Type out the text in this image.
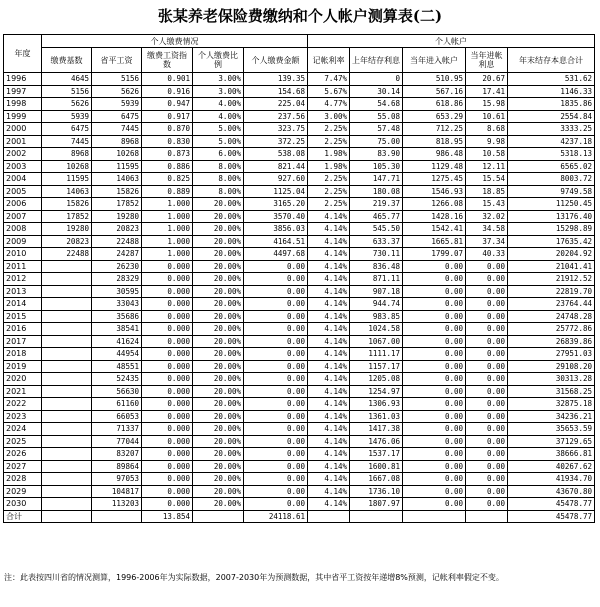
张某养老保险费缴纳和个人帐户测算表(二)
年度	个人缴费情况					个人帐户				
	缴费基数	省平工资	缴费工资指数	个人缴费比例	个人缴费金额	记帐利率	上年结存利息	当年进入帐户	当年进帐利息	年末结存本息合计
1996	4645	5156	0.901	3.00%	139.35	7.47%	0	510.95	20.67	531.62
1997	5156	5626	0.916	3.00%	154.68	5.67%	30.14	567.16	17.41	1146.33
1998	5626	5939	0.947	4.00%	225.04	4.77%	54.68	618.86	15.98	1835.86
1999	5939	6475	0.917	4.00%	237.56	3.00%	55.08	653.29	10.61	2554.84
2000	6475	7445	0.870	5.00%	323.75	2.25%	57.48	712.25	8.68	3333.25
2001	7445	8968	0.830	5.00%	372.25	2.25%	75.00	818.95	9.98	4237.18
2002	8968	10268	0.873	6.00%	538.08	1.98%	83.90	986.48	10.58	5318.13
2003	10268	11595	0.886	8.00%	821.44	1.98%	105.30	1129.48	12.11	6565.02
2004	11595	14063	0.825	8.00%	927.60	2.25%	147.71	1275.45	15.54	8003.72
2005	14063	15826	0.889	8.00%	1125.04	2.25%	180.08	1546.93	18.85	9749.58
2006	15826	17852	1.000	20.00%	3165.20	2.25%	219.37	1266.08	15.43	11250.45
2007	17852	19280	1.000	20.00%	3570.40	4.14%	465.77	1428.16	32.02	13176.40
2008	19280	20823	1.000	20.00%	3856.03	4.14%	545.50	1542.41	34.58	15298.89
2009	20823	22488	1.000	20.00%	4164.51	4.14%	633.37	1665.81	37.34	17635.42
2010	22488	24287	1.000	20.00%	4497.68	4.14%	730.11	1799.07	40.33	20204.92
2011		26230	0.000	20.00%	0.00	4.14%	836.48	0.00	0.00	21041.41
2012		28329	0.000	20.00%	0.00	4.14%	871.11	0.00	0.00	21912.52
2013		30595	0.000	20.00%	0.00	4.14%	907.18	0.00	0.00	22819.70
2014		33043	0.000	20.00%	0.00	4.14%	944.74	0.00	0.00	23764.44
2015		35686	0.000	20.00%	0.00	4.14%	983.85	0.00	0.00	24748.28
2016		38541	0.000	20.00%	0.00	4.14%	1024.58	0.00	0.00	25772.86
2017		41624	0.000	20.00%	0.00	4.14%	1067.00	0.00	0.00	26839.86
2018		44954	0.000	20.00%	0.00	4.14%	1111.17	0.00	0.00	27951.03
2019		48551	0.000	20.00%	0.00	4.14%	1157.17	0.00	0.00	29108.20
2020		52435	0.000	20.00%	0.00	4.14%	1205.08	0.00	0.00	30313.28
2021		56630	0.000	20.00%	0.00	4.14%	1254.97	0.00	0.00	31568.25
2022		61160	0.000	20.00%	0.00	4.14%	1306.93	0.00	0.00	32875.18
2023		66053	0.000	20.00%	0.00	4.14%	1361.03	0.00	0.00	34236.21
2024		71337	0.000	20.00%	0.00	4.14%	1417.38	0.00	0.00	35653.59
2025		77044	0.000	20.00%	0.00	4.14%	1476.06	0.00	0.00	37129.65
2026		83207	0.000	20.00%	0.00	4.14%	1537.17	0.00	0.00	38666.81
2027		89864	0.000	20.00%	0.00	4.14%	1600.81	0.00	0.00	40267.62
2028		97053	0.000	20.00%	0.00	4.14%	1667.08	0.00	0.00	41934.70
2029		104817	0.000	20.00%	0.00	4.14%	1736.10	0.00	0.00	43670.80
2030		113203	0.000	20.00%	0.00	4.14%	1807.97	0.00	0.00	45478.77
合计			13.854		24118.61					45478.77
注：此表按四川省的情况测算，1996-2006年为实际数据，2007-2030年为预测数据，其中省平工资按年递增8%预测，记帐利率假定不变。
